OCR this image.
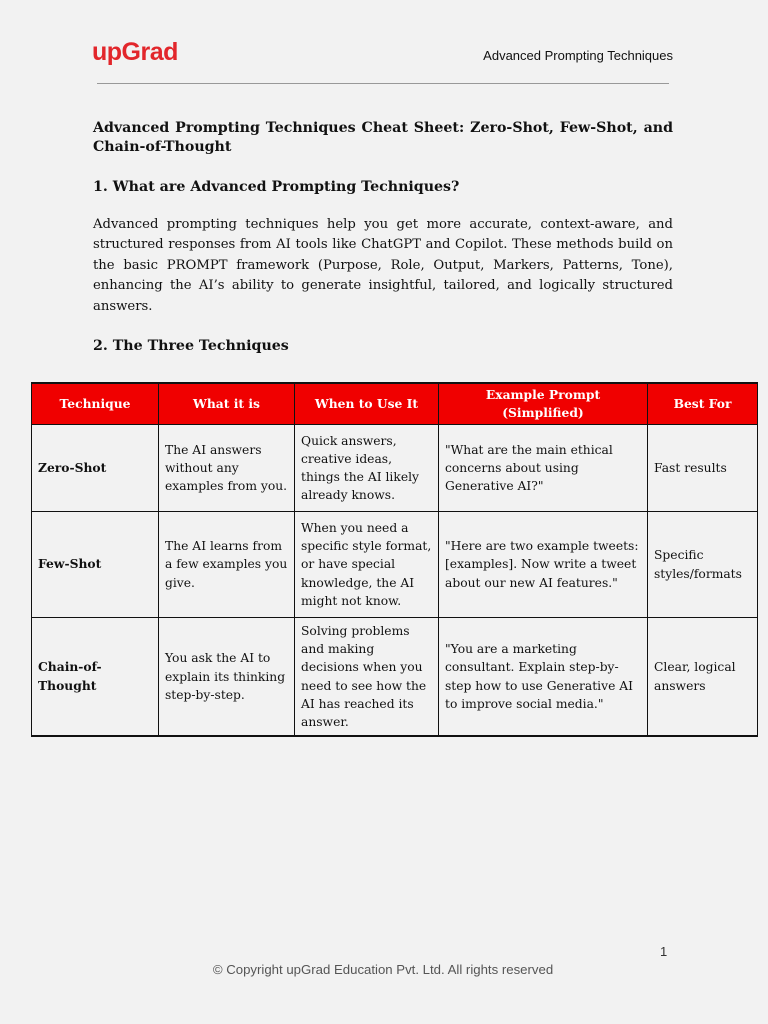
upGrad	Advanced Prompting Techniques
Advanced Prompting Techniques Cheat Sheet: Zero-Shot, Few-Shot, and Chain-of-Thought
1. What are Advanced Prompting Techniques?
Advanced prompting techniques help you get more accurate, context-aware, and structured responses from AI tools like ChatGPT and Copilot. These methods build on the basic PROMPT framework (Purpose, Role, Output, Markers, Patterns, Tone), enhancing the AI’s ability to generate insightful, tailored, and logically structured answers.
2. The Three Techniques
Technique	What it is	When to Use It	Example Prompt (Simplified)	Best For
Zero-Shot	The AI answers without any examples from you.	Quick answers, creative ideas, things the AI likely already knows.	"What are the main ethical concerns about using Generative AI?"	Fast results
Few-Shot	The AI learns from a few examples you give.	When you need a specific style format, or have special knowledge, the AI might not know.	"Here are two example tweets: [examples]. Now write a tweet about our new AI features."	Specific styles/formats
Chain-of-Thought	You ask the AI to explain its thinking step-by-step.	Solving problems and making decisions when you need to see how the AI has reached its answer.	"You are a marketing consultant. Explain step-by-step how to use Generative AI to improve social media."	Clear, logical answers
1
© Copyright upGrad Education Pvt. Ltd. All rights reserved
